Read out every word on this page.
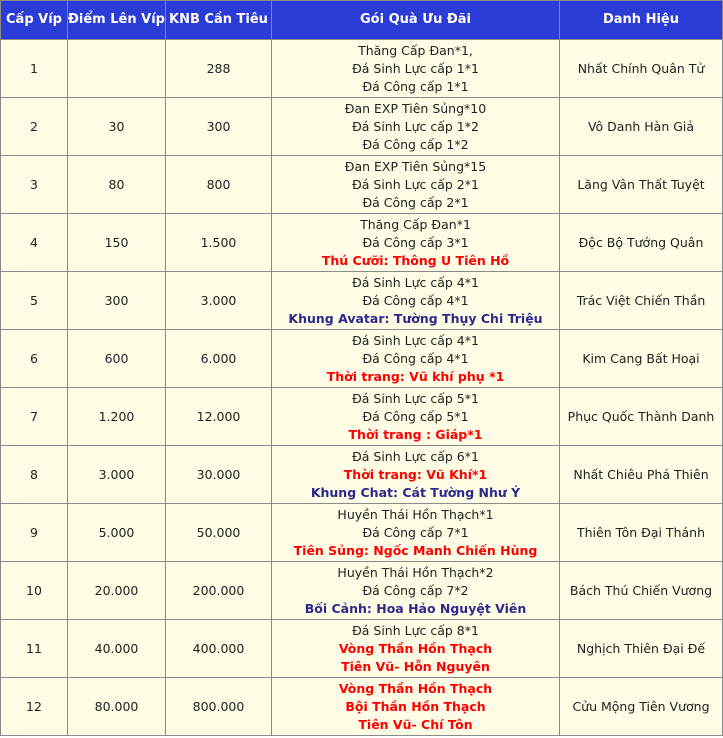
Cấp Víp	Điểm Lên Víp	KNB Cần Tiêu	Gói Quà Ưu Đãi	Danh Hiệu
1		288	Thăng Cấp Đan*1,
Đá Sinh Lực cấp 1*1
Đá Công cấp 1*1	Nhất Chính Quân Tử
2	30	300	Đan EXP Tiên Sủng*10
Đá Sinh Lực cấp 1*2
Đá Công cấp 1*2	Vô Danh Hàn Giả
3	80	800	Đan EXP Tiên Sủng*15
Đá Sinh Lực cấp 2*1
Đá Công cấp 2*1	Lăng Vân Thất Tuyệt
4	150	1.500	Thăng Cấp Đan*1
Đá Công cấp 3*1
Thú Cưỡi: Thông U Tiên Hồ	Độc Bộ Tướng Quân
5	300	3.000	Đá Sinh Lực cấp 4*1
Đá Công cấp 4*1
Khung Avatar: Tường Thụy Chi Triệu	Trác Việt Chiến Thần
6	600	6.000	Đá Sinh Lực cấp 4*1
Đá Công cấp 4*1
Thời trang: Vũ khí phụ *1	Kim Cang Bất Hoại
7	1.200	12.000	Đá Sinh Lực cấp 5*1
Đá Công cấp 5*1
Thời trang : Giáp*1	Phục Quốc Thành Danh
8	3.000	30.000	Đá Sinh Lực cấp 6*1
Thời trang: Vũ Khí*1
Khung Chat: Cát Tường Như Ý	Nhất Chiêu Phá Thiên
9	5.000	50.000	Huyền Thái Hồn Thạch*1
Đá Công cấp 7*1
Tiên Sủng: Ngốc Manh Chiến Hùng	Thiên Tôn Đại Thánh
10	20.000	200.000	Huyền Thái Hồn Thạch*2
Đá Công cấp 7*2
Bối Cảnh: Hoa Hảo Nguyệt Viên	Bách Thú Chiến Vương
11	40.000	400.000	Đá Sinh Lực cấp 8*1
Vòng Thần Hồn Thạch
Tiên Vũ- Hỗn Nguyên	Nghịch Thiên Đại Đế
12	80.000	800.000	Vòng Thần Hồn Thạch
Bội Thần Hồn Thạch
Tiên Vũ- Chí Tôn	Cửu Mộng Tiên Vương
